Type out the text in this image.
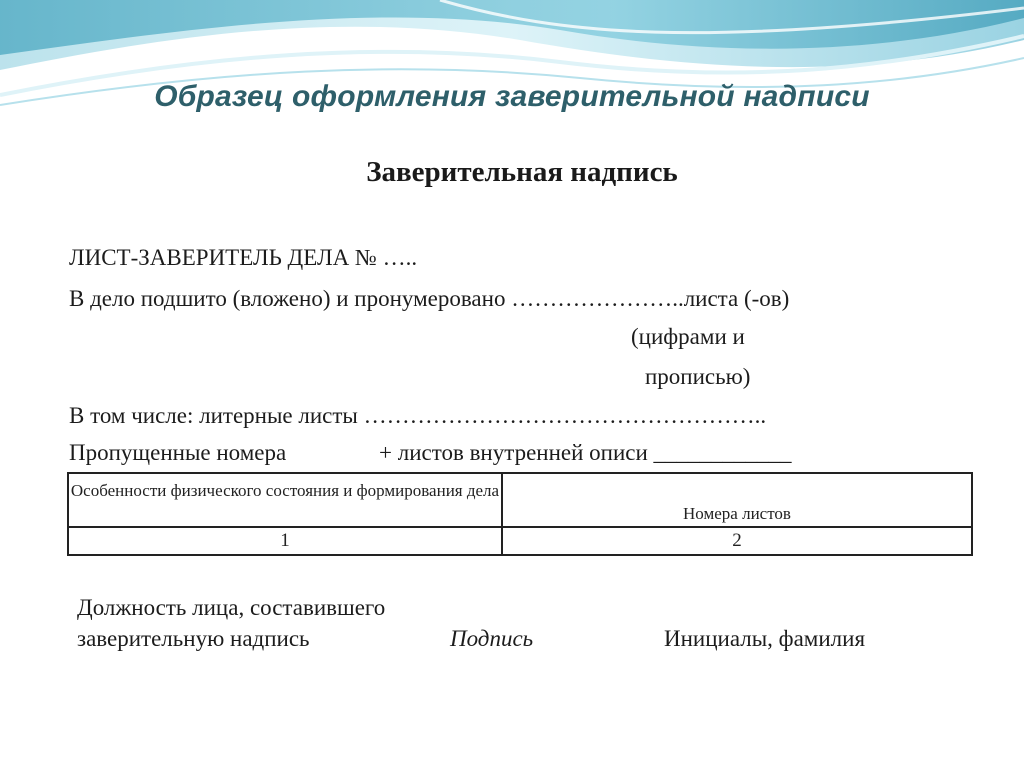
Образец оформления заверительной надписи
Заверительная надпись
ЛИСТ-ЗАВЕРИТЕЛЬ ДЕЛА № …..
В дело подшито (вложено) и пронумеровано …………………..листа (-ов)
(цифрами и
прописью)
В том числе: литерные листы ……………………………………………..
Пропущенные номера	+ листов внутренней описи ____________
Особенности физического состояния и формирования дела	Номера листов
1	2
Должность лица, составившего
заверительную надпись	Подпись	Инициалы, фамилия
